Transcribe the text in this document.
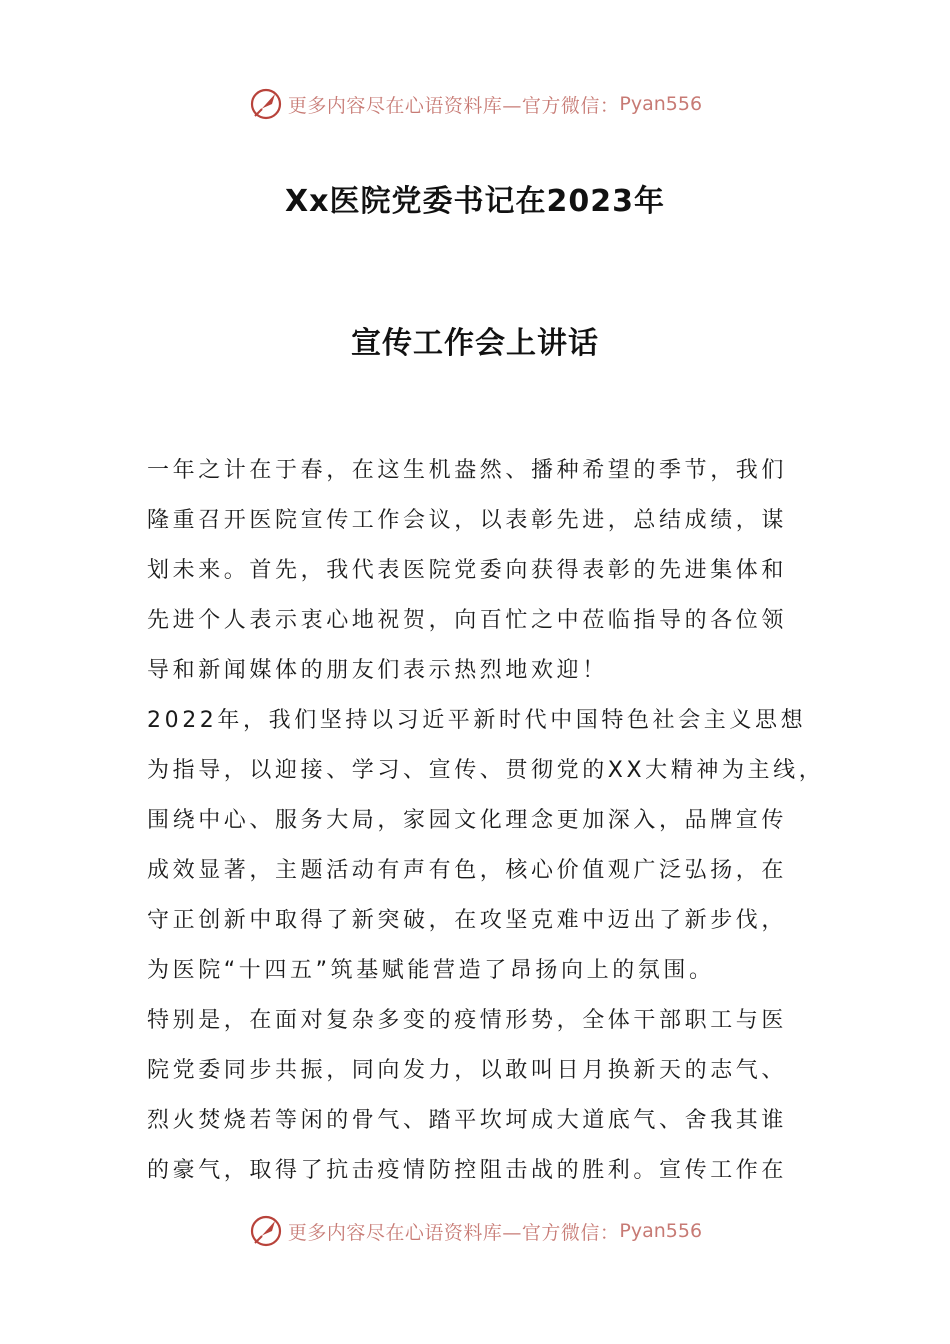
更多内容尽在心语资料库—官方微信： Pyan556
Xx医院党委书记在2023年
宣传工作会上讲话
一年之计在于春，在这生机盎然、播种希望的季节，我们
隆重召开医院宣传工作会议，以表彰先进，总结成绩，谋
划未来。首先，我代表医院党委向获得表彰的先进集体和
先进个人表示衷心地祝贺，向百忙之中莅临指导的各位领
导和新闻媒体的朋友们表示热烈地欢迎！
2022年，我们坚持以习近平新时代中国特色社会主义思想
为指导，以迎接、学习、宣传、贯彻党的XX大精神为主线，
围绕中心、服务大局，家园文化理念更加深入，品牌宣传
成效显著，主题活动有声有色，核心价值观广泛弘扬，在
守正创新中取得了新突破，在攻坚克难中迈出了新步伐，
为医院“十四五”筑基赋能营造了昂扬向上的氛围。
特别是，在面对复杂多变的疫情形势，全体干部职工与医
院党委同步共振，同向发力，以敢叫日月换新天的志气、
烈火焚烧若等闲的骨气、踏平坎坷成大道底气、舍我其谁
的豪气，取得了抗击疫情防控阻击战的胜利。宣传工作在
更多内容尽在心语资料库—官方微信： Pyan556
